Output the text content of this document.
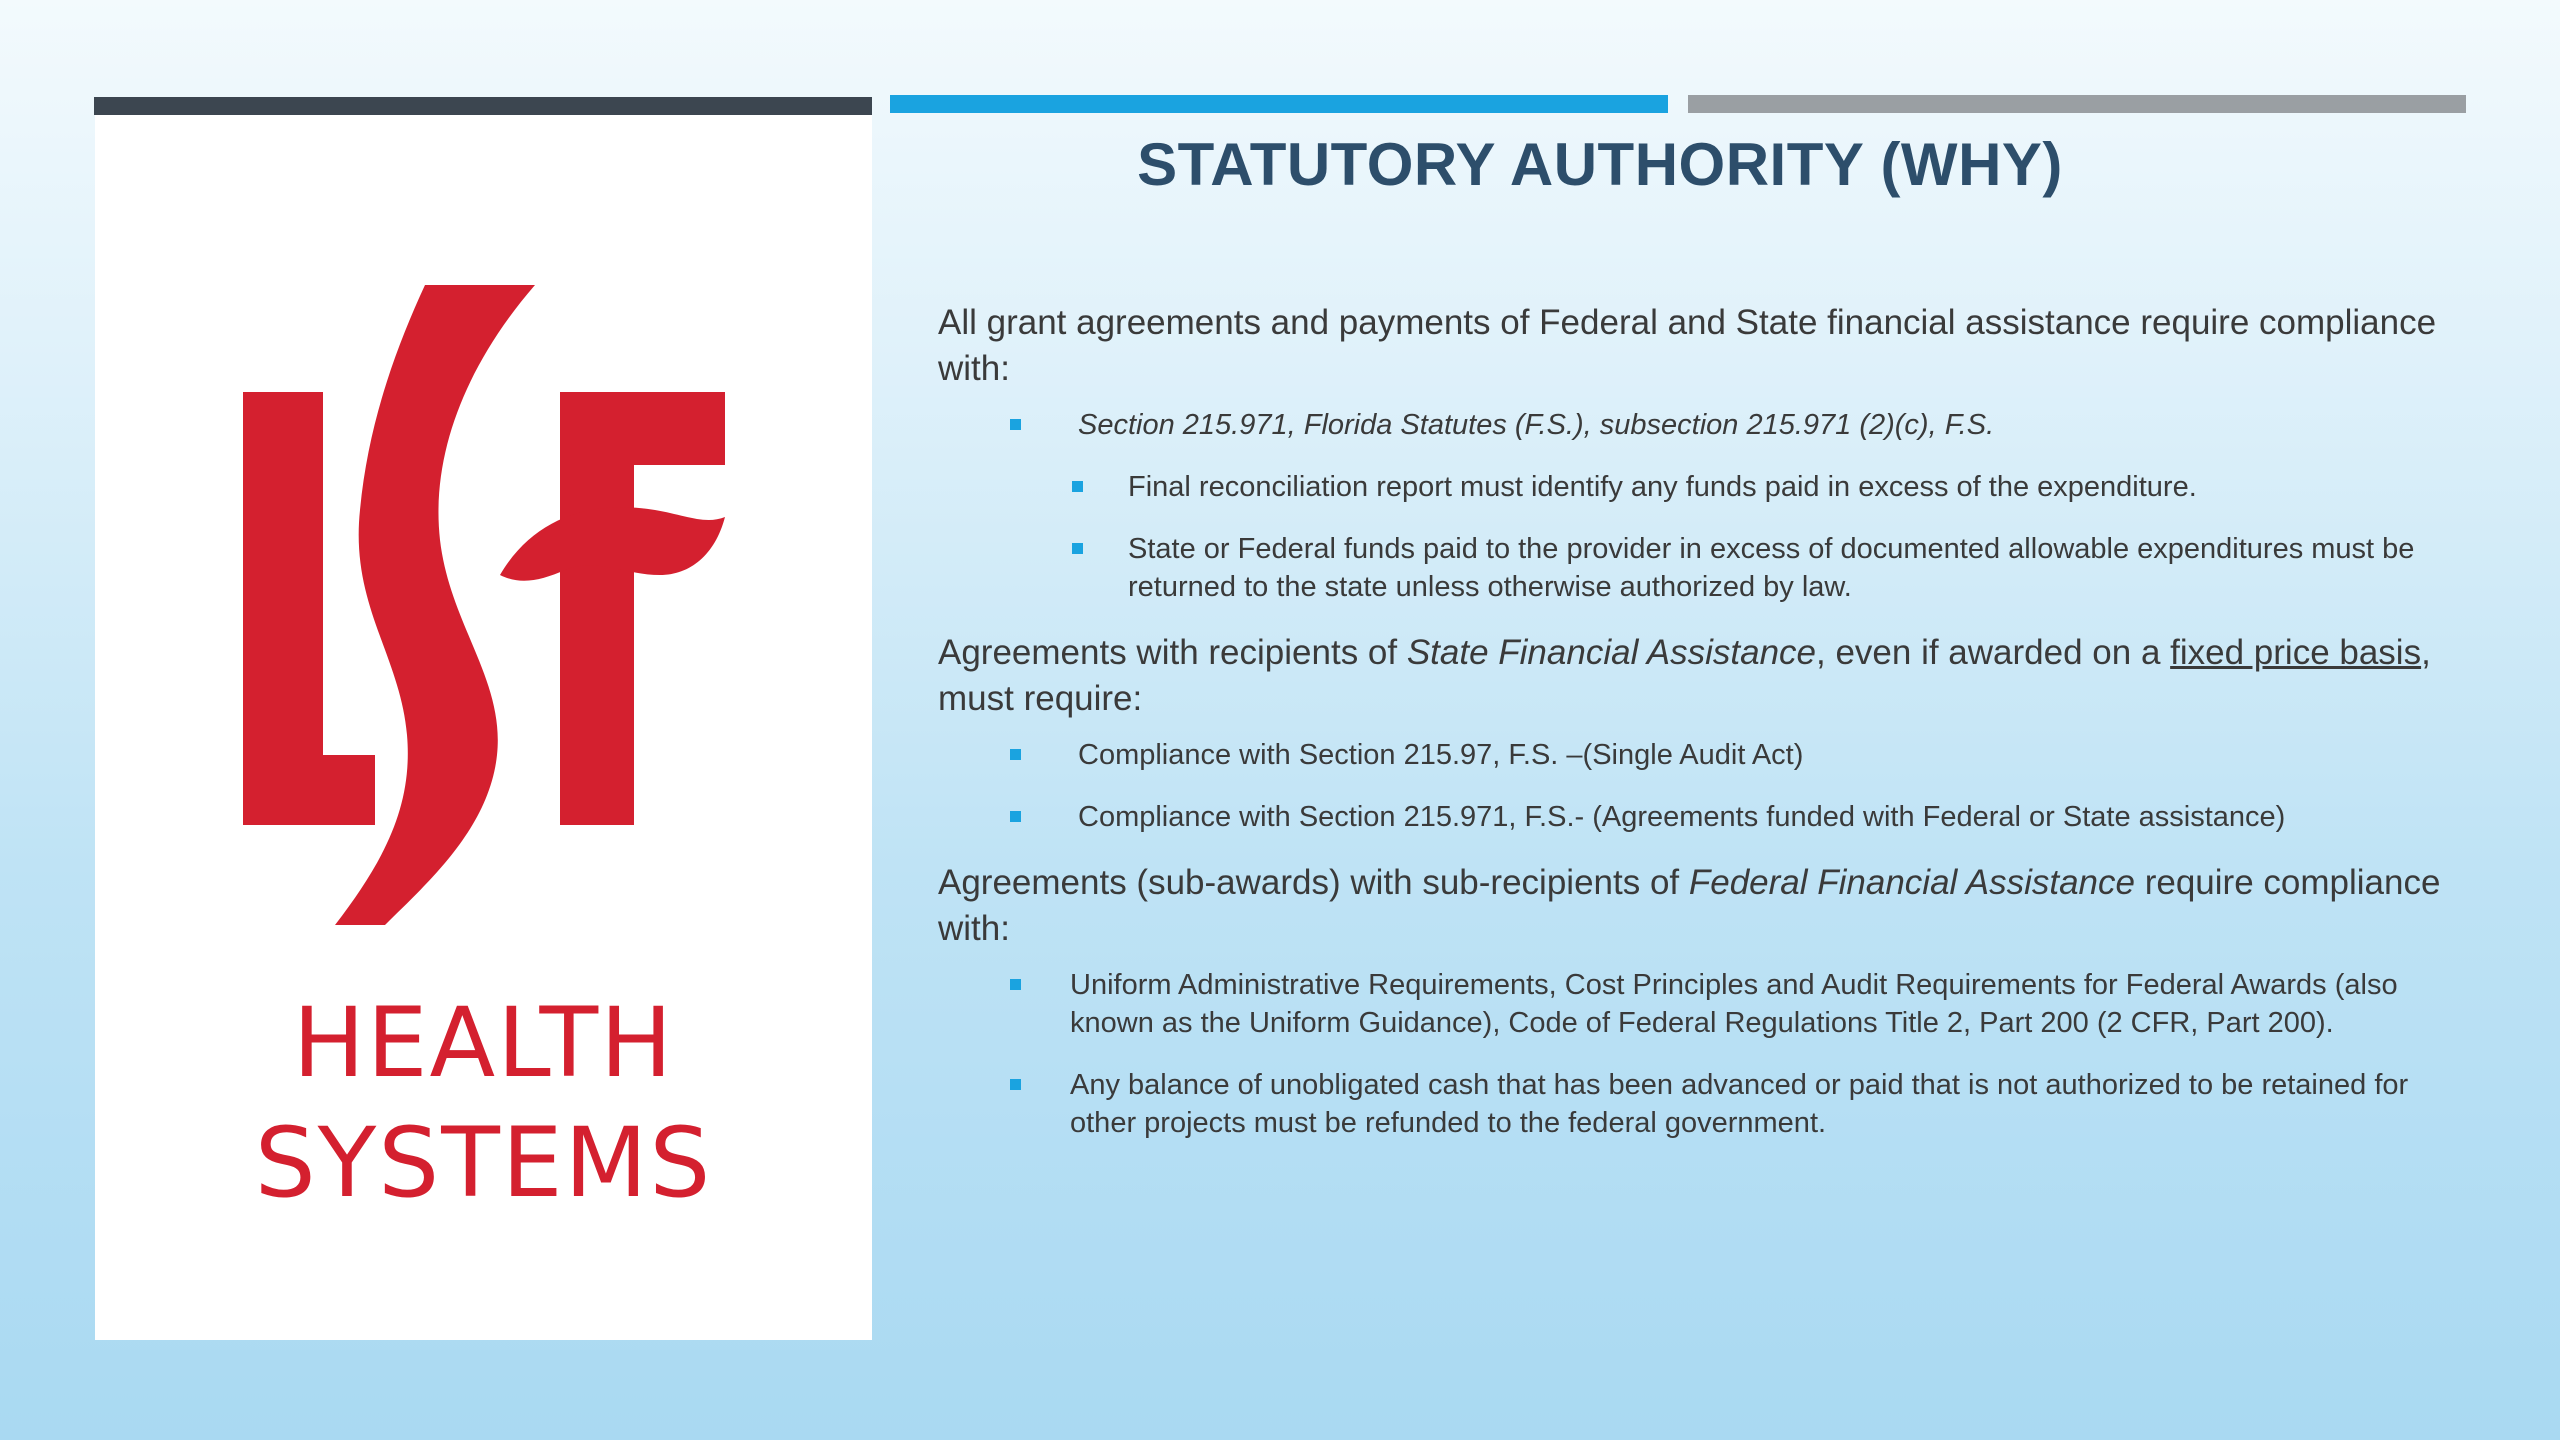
HEALTH
SYSTEMS
STATUTORY AUTHORITY (WHY)

All grant agreements and payments of Federal and State financial assistance require compliance with:

Section 215.971, Florida Statutes (F.S.), subsection 215.971 (2)(c), F.S.
Final reconciliation report must identify any funds paid in excess of the expenditure.
State or Federal funds paid to the provider in excess of documented allowable expenditures must be returned to the state unless otherwise authorized by law.

Agreements with recipients of State Financial Assistance, even if awarded on a fixed price basis, must require:

Compliance with Section 215.97, F.S. –(Single Audit Act)
Compliance with Section 215.971, F.S.- (Agreements funded with Federal or State assistance)

Agreements (sub-awards) with sub-recipients of Federal Financial Assistance require compliance with:

Uniform Administrative Requirements, Cost Principles and Audit Requirements for Federal Awards (also known as the Uniform Guidance), Code of Federal Regulations Title 2, Part 200 (2 CFR, Part 200).
Any balance of unobligated cash that has been advanced or paid that is not authorized to be retained for other projects must be refunded to the federal government.
